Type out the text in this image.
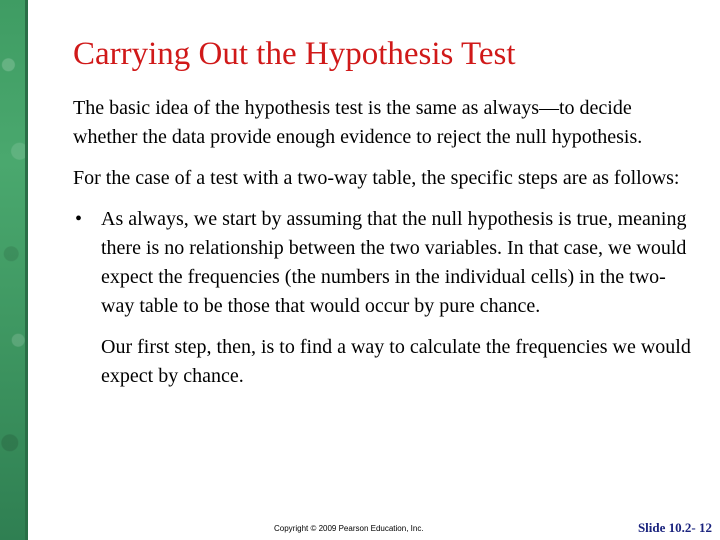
Carrying Out the Hypothesis Test

The basic idea of the hypothesis test is the same as always—to decide whether the data provide enough evidence to reject the null hypothesis.

For the case of a test with a two-way table, the specific steps are as follows:

• As always, we start by assuming that the null hypothesis is true, meaning there is no relationship between the two variables. In that case, we would expect the frequencies (the numbers in the individual cells) in the two-way table to be those that would occur by pure chance.

Our first step, then, is to find a way to calculate the frequencies we would expect by chance.

Copyright © 2009 Pearson Education, Inc.	Slide 10.2- 12
